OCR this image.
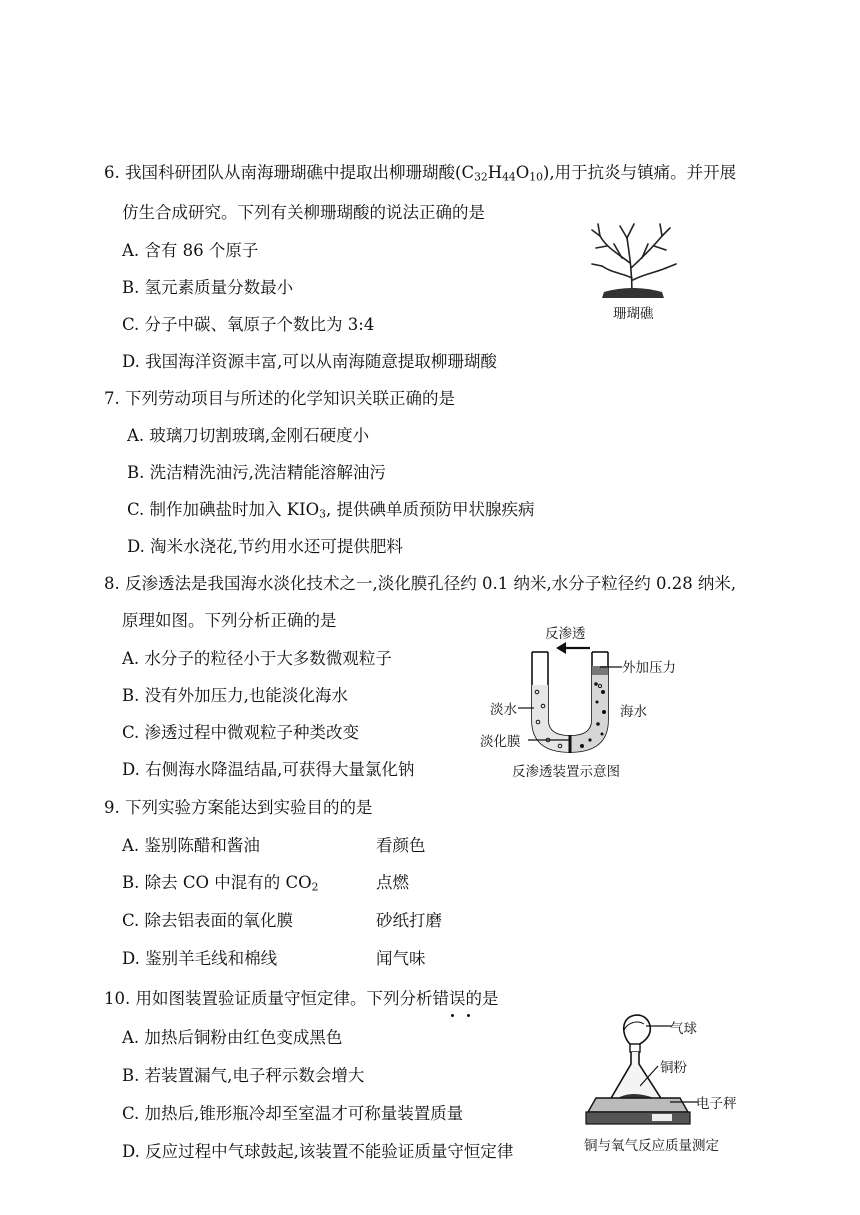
6. 我国科研团队从南海珊瑚礁中提取出柳珊瑚酸$(C_{32}H_{44}O_{10})$,用于抗炎与镇痛。并开展
仿生合成研究。下列有关柳珊瑚酸的说法正确的是
A. 含有 86 个原子
B. 氢元素质量分数最小
C. 分子中碳、氧原子个数比为 3:4
D. 我国海洋资源丰富,可以从南海随意提取柳珊瑚酸
珊瑚礁
7. 下列劳动项目与所述的化学知识关联正确的是
A. 玻璃刀切割玻璃,金刚石硬度小
B. 洗洁精洗油污,洗洁精能溶解油污
C. 制作加碘盐时加入 $KIO_3$, 提供碘单质预防甲状腺疾病
D. 淘米水浇花,节约用水还可提供肥料
8. 反渗透法是我国海水淡化技术之一,淡化膜孔径约 0.1 纳米,水分子粒径约 0.28 纳米,
原理如图。下列分析正确的是
A. 水分子的粒径小于大多数微观粒子
B. 没有外加压力,也能淡化海水
C. 渗透过程中微观粒子种类改变
D. 右侧海水降温结晶,可获得大量氯化钠
反渗透
外加压力
淡水	海水
淡化膜
反渗透装置示意图
9. 下列实验方案能达到实验目的的是
A. 鉴别陈醋和酱油	看颜色
B. 除去 CO 中混有的 $CO_2$	点燃
C. 除去铝表面的氧化膜	砂纸打磨
D. 鉴别羊毛线和棉线	闻气味
10. 用如图装置验证质量守恒定律。下列分析错误的是
A. 加热后铜粉由红色变成黑色
B. 若装置漏气,电子秤示数会增大
C. 加热后,锥形瓶冷却至室温才可称量装置质量
D. 反应过程中气球鼓起,该装置不能验证质量守恒定律
气球
铜粉
电子秤
铜与氧气反应质量测定
